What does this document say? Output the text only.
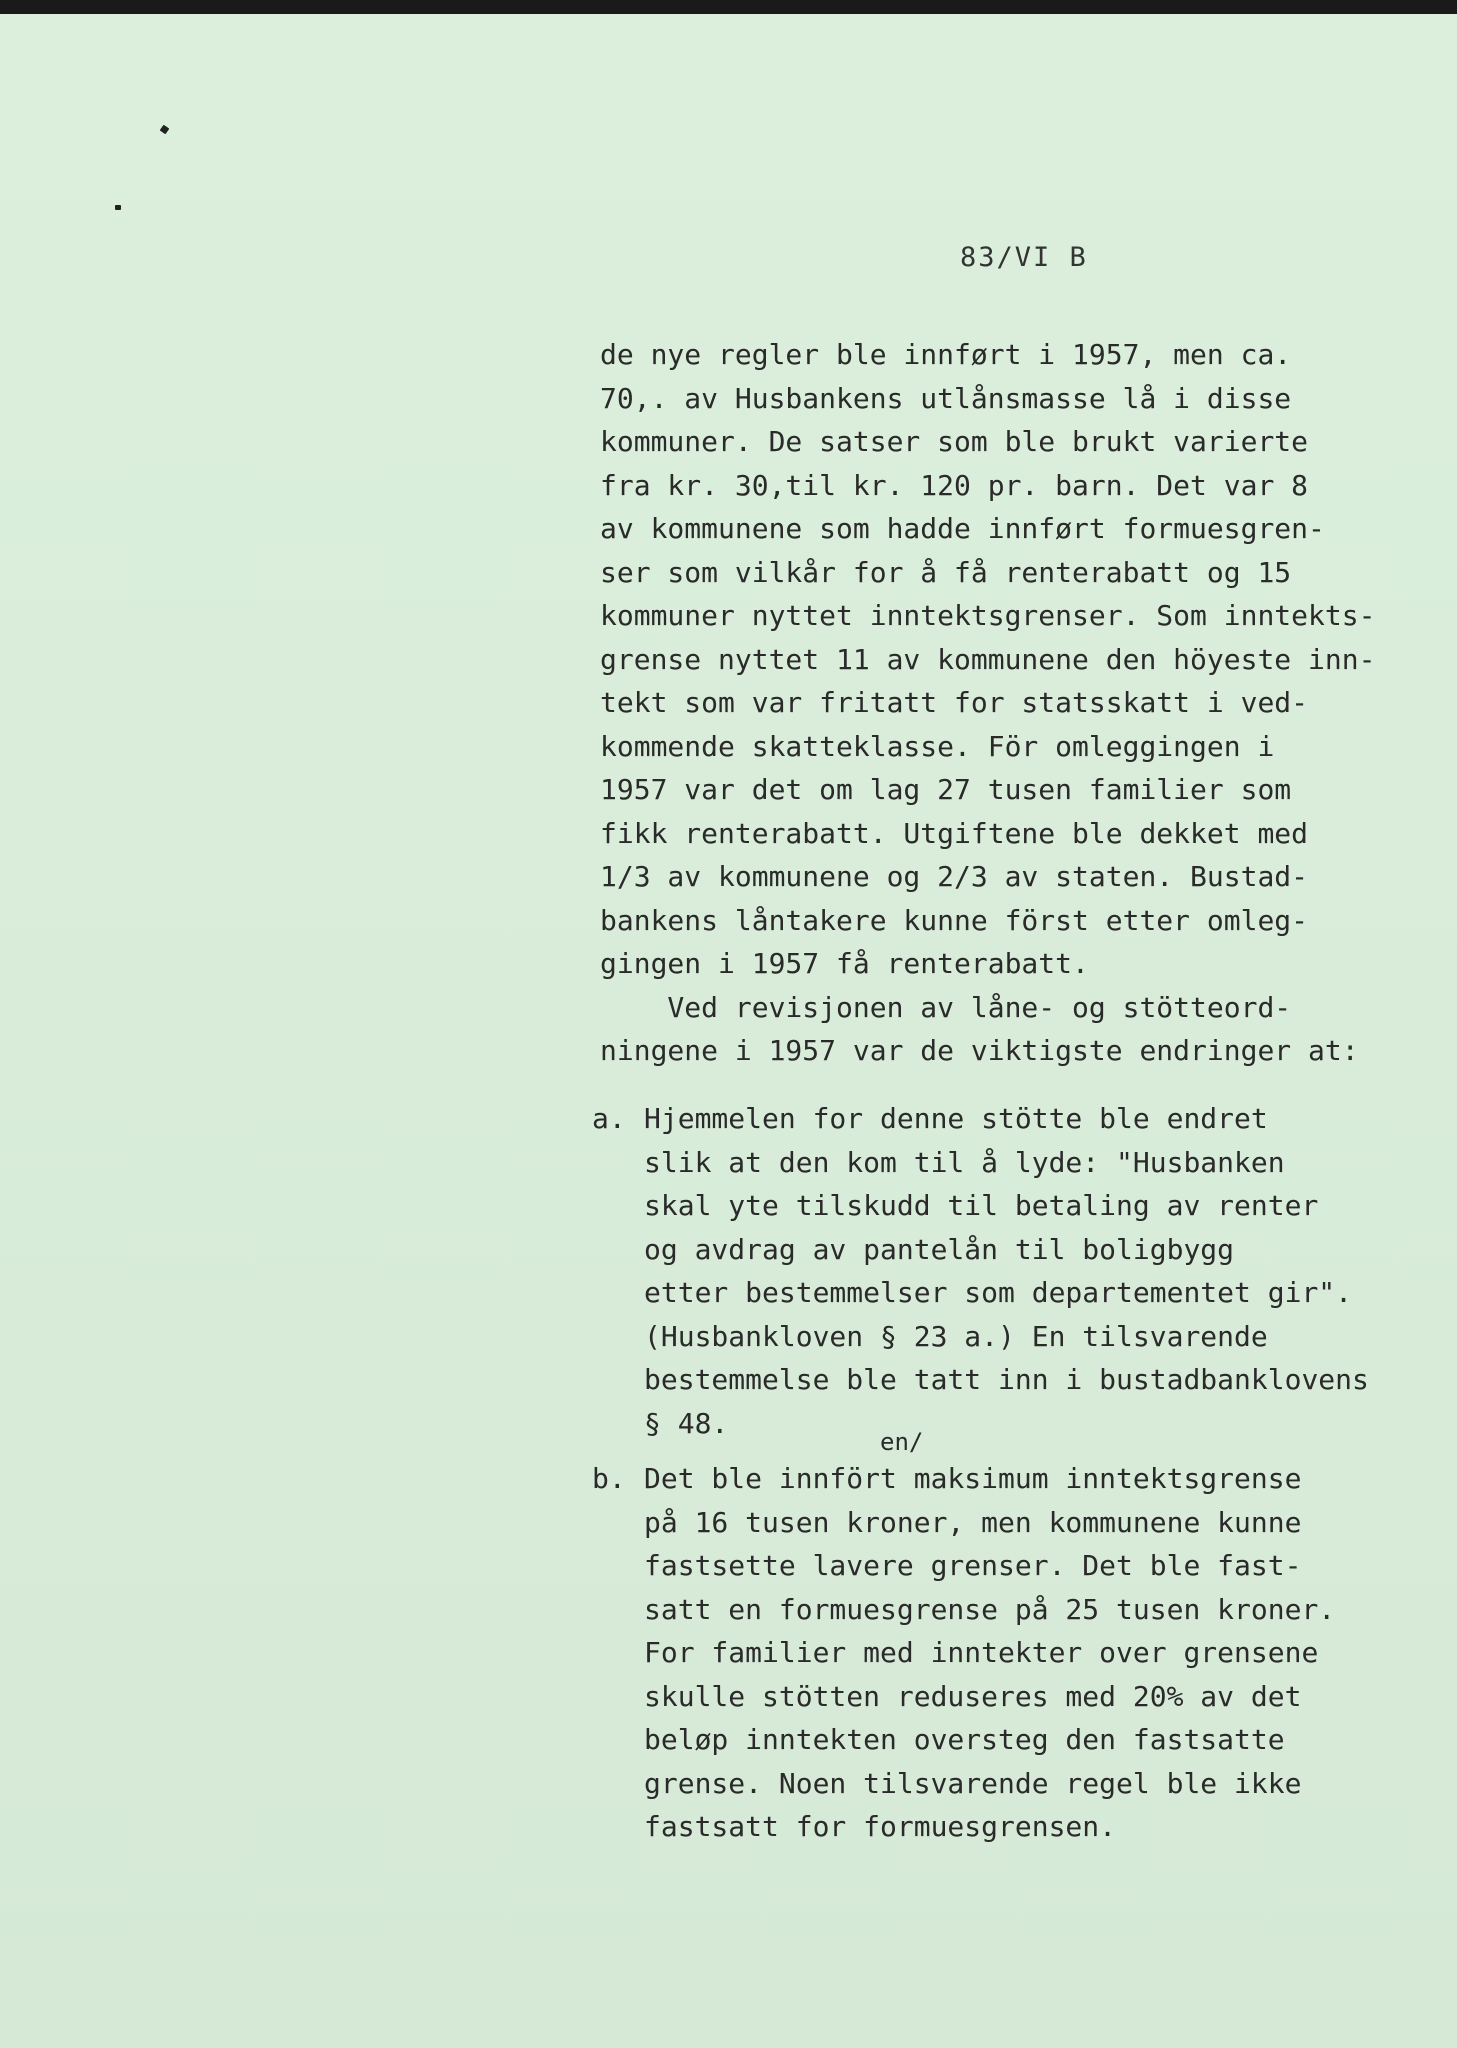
83/VI B
de nye regler ble innført i 1957, men ca.
70,. av Husbankens utlånsmasse lå i disse
kommuner. De satser som ble brukt varierte
fra kr. 30,til kr. 120 pr. barn. Det var 8
av kommunene som hadde innført formuesgren-
ser som vilkår for å få renterabatt og 15
kommuner nyttet inntektsgrenser. Som inntekts-
grense nyttet 11 av kommunene den höyeste inn-
tekt som var fritatt for statsskatt i ved-
kommende skatteklasse. För omleggingen i
1957 var det om lag 27 tusen familier som
fikk renterabatt. Utgiftene ble dekket med
1/3 av kommunene og 2/3 av staten. Bustad-
bankens låntakere kunne först etter omleg-
gingen i 1957 få renterabatt.
Ved revisjonen av låne- og stötteord-
ningene i 1957 var de viktigste endringer at:
a. Hjemmelen for denne stötte ble endret
slik at den kom til å lyde: "Husbanken
skal yte tilskudd til betaling av renter
og avdrag av pantelån til boligbygg
etter bestemmelser som departementet gir".
(Husbankloven § 23 a.) En tilsvarende
bestemmelse ble tatt inn i bustadbanklovens
§ 48.
b.
en/
Det ble innfört maksimum inntektsgrense
på 16 tusen kroner, men kommunene kunne
fastsette lavere grenser. Det ble fast-
satt en formuesgrense på 25 tusen kroner.
For familier med inntekter over grensene
skulle stötten reduseres med 20% av det
beløp inntekten oversteg den fastsatte
grense. Noen tilsvarende regel ble ikke
fastsatt for formuesgrensen.
